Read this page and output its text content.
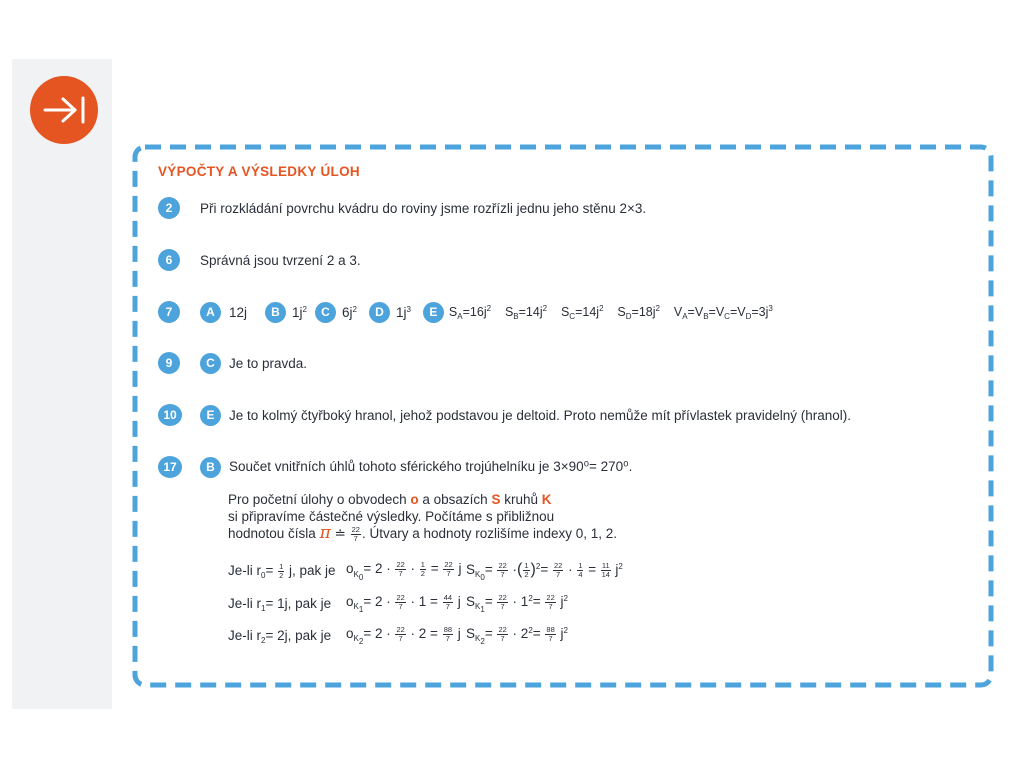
VÝPOČTY A VÝSLEDKY ÚLOH
2	Při rozkládání povrchu kvádru do roviny jsme rozřízli jednu jeho stěnu 2×3.
6	Správná jsou tvrzení 2 a 3.
7	A	12j	B $1j^2$	C $6j^2$	D $1j^3$	E $S_A=16j^2$    $S_B=14j^2$    $S_C=14j^2$    $S_D=18j^2$    $V_A=V_B=V_C=V_D=3j^3$
9	C	Je to pravda.
10	E	Je to kolmý čtyřboký hranol, jehož podstavou je deltoid. Proto nemůže mít přívlastek pravidelný (hranol).
17	B	Součet vnitřních úhlů tohoto sférického trojúhelníku je 3×90⁰= 270⁰.
Pro početní úlohy o obvodech o a obsazích S kruhů K
si připravíme částečné výsledky. Počítáme s přibližnou
hodnotou čísla π ≐ $\frac{22}{7}$ . Útvary a hodnoty rozlišíme indexy 0, 1, 2.
Je-li $r_0= \frac{1}{2} j$, pak je $o_{K_0}= 2 \cdot \frac{22}{7} \cdot \frac{1}{2} = \frac{22}{7}$ j $S_{K_0}= \frac{22}{7}$ ·( $\frac{1}{2} )^2= \frac{22}{7} \cdot \frac{1}{4} = \frac{11}{14} j^2$
Je-li $r_1= 1j$, pak je	$o_{K_1}= 2 \cdot \frac{22}{7} \cdot 1 = \frac{44}{7}$ j $S_{K_1}= \frac{22}{7} \cdot 1^2= \frac{22}{7} j^2$
Je-li $r_2= 2j$, pak je	$o_{K_2}= 2 \cdot \frac{22}{7} \cdot 2 = \frac{88}{7}$ j $S_{K_2}= \frac{22}{7} \cdot 2^2= \frac{88}{7} j^2$
